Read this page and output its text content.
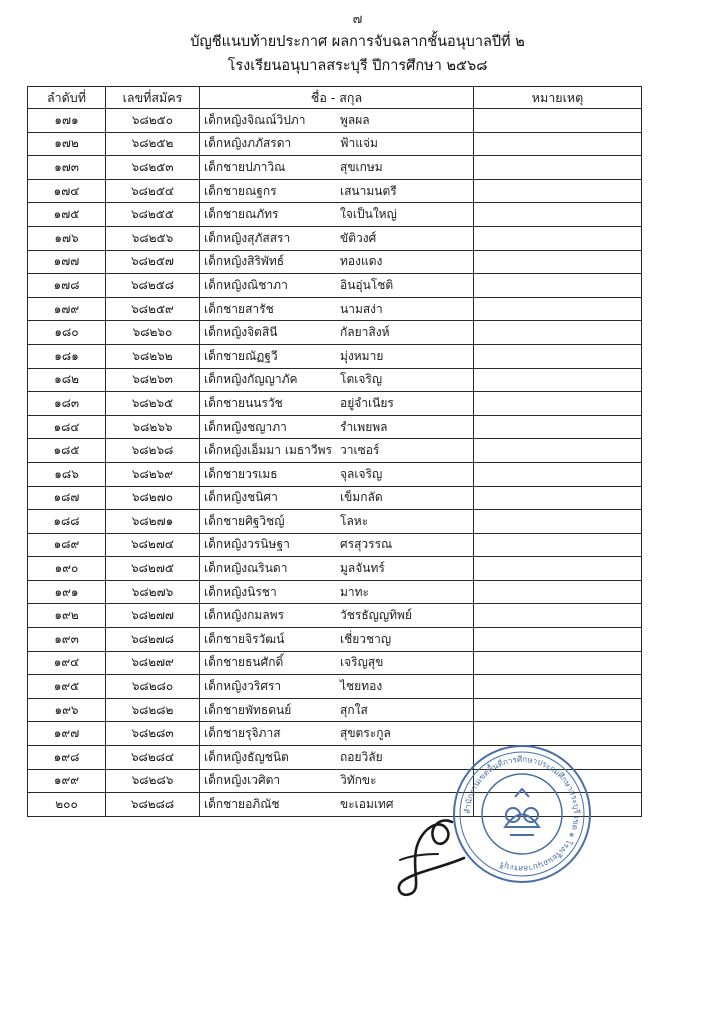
๗
บัญชีแนบท้ายประกาศ ผลการจับฉลากชั้นอนุบาลปีที่ ๒
โรงเรียนอนุบาลสระบุรี ปีการศึกษา ๒๕๖๘
ลำดับที่	เลขที่สมัคร	ชื่อ - สกุล	หมายเหตุ
๑๗๑	๖๘๒๕๐	เด็กหญิงจิณณ์วิปภา พูลผล	
๑๗๒	๖๘๒๕๒	เด็กหญิงภภัสรดา ฟ้าแจ่ม	
๑๗๓	๖๘๒๕๓	เด็กชายปภาวิณ สุขเกษม	
๑๗๔	๖๘๒๕๔	เด็กชายณฐกร เสนามนตรี	
๑๗๕	๖๘๒๕๕	เด็กชายณภัทร ใจเป็นใหญ่	
๑๗๖	๖๘๒๕๖	เด็กหญิงสุภัสสรา ขัติวงศ์	
๑๗๗	๖๘๒๕๗	เด็กหญิงสิริพัทธ์ ทองแดง	
๑๗๘	๖๘๒๕๘	เด็กหญิงณิชาภา อินอุ่นโชติ	
๑๗๙	๖๘๒๕๙	เด็กชายสารัช นามสง่า	
๑๘๐	๖๘๒๖๐	เด็กหญิงจิตสินี กัลยาสิงห์	
๑๘๑	๖๘๒๖๒	เด็กชายณัฏฐวี มุ่งหมาย	
๑๘๒	๖๘๒๖๓	เด็กหญิงกัญญาภัค โตเจริญ	
๑๘๓	๖๘๒๖๕	เด็กชายนนรวัช อยู่จำเนียร	
๑๘๔	๖๘๒๖๖	เด็กหญิงชญาภา รำเพยพล	
๑๘๕	๖๘๒๖๘	เด็กหญิงเอ็มมา เมธาวีพร วาเซอร์	
๑๘๖	๖๘๒๖๙	เด็กชายวรเมธ จุลเจริญ	
๑๘๗	๖๘๒๗๐	เด็กหญิงชนิศา เข็มกลัด	
๑๘๘	๖๘๒๗๑	เด็กชายศิฐวิชญ์ โลหะ	
๑๘๙	๖๘๒๗๔	เด็กหญิงวรนิษฐา ศรสุวรรณ	
๑๙๐	๖๘๒๗๕	เด็กหญิงณรินดา มูลจันทร์	
๑๙๑	๖๘๒๗๖	เด็กหญิงนิรชา มาทะ	
๑๙๒	๖๘๒๗๗	เด็กหญิงกมลพร วัชรธัญญทิพย์	
๑๙๓	๖๘๒๗๘	เด็กชายจิรวัฒน์ เชี่ยวชาญ	
๑๙๔	๖๘๒๗๙	เด็กชายธนศักดิ์ เจริญสุข	
๑๙๕	๖๘๒๘๐	เด็กหญิงวริศรา ไชยทอง	
๑๙๖	๖๘๒๘๒	เด็กชายพัทธดนย์ สุกใส	
๑๙๗	๖๘๒๘๓	เด็กชายรุจิภาส สุขตระกูล	
๑๙๘	๖๘๒๘๔	เด็กหญิงธัญชนิต ถอยวิลัย	
๑๙๙	๖๘๒๘๖	เด็กหญิงเวศิตา วิทักขะ	
๒๐๐	๖๘๒๘๘	เด็กชายอภิณัช ขะเอมเทศ		สำนักงานเขตพื้นที่การศึกษาประถมศึกษาสระบุรี เขต ๑ โรงเรียนอนุบาลสระบุรี
